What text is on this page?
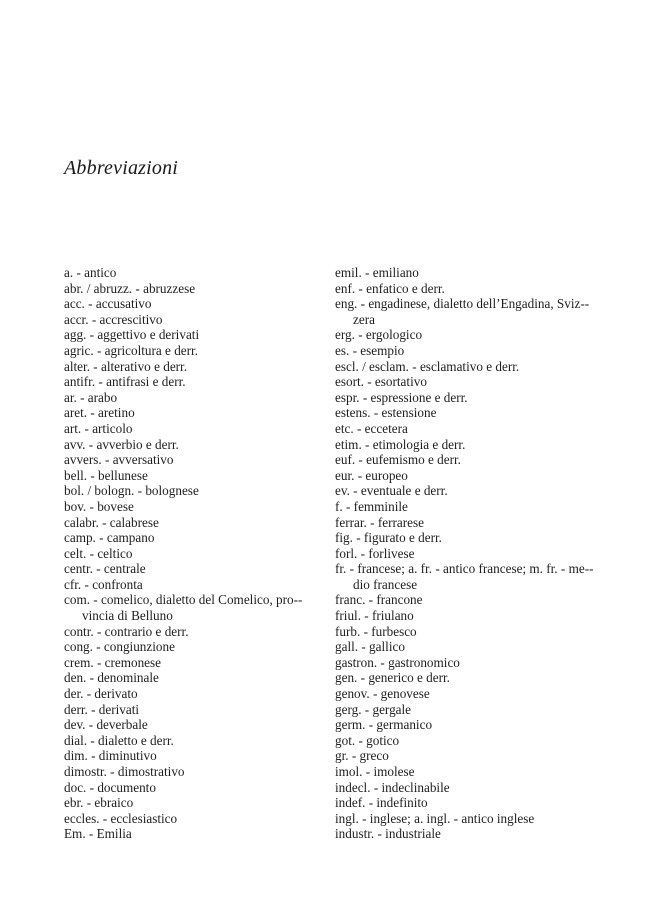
Abbreviazioni
a. - antico
abr. / abruzz. - abruzzese
acc. - accusativo
accr. - accrescitivo
agg. - aggettivo e derivati
agric. - agricoltura e derr.
alter. - alterativo e derr.
antifr. - antifrasi e derr.
ar. - arabo
aret. - aretino
art. - articolo
avv. - avverbio e derr.
avvers. - avversativo
bell. - bellunese
bol. / bologn. - bolognese
bov. - bovese
calabr. - calabrese
camp. - campano
celt. - celtico
centr. - centrale
cfr. - confronta
com. - comelico, dialetto del Comelico, pro-vincia di Belluno
contr. - contrario e derr.
cong. - congiunzione
crem. - cremonese
den. - denominale
der. - derivato
derr. - derivati
dev. - deverbale
dial. - dialetto e derr.
dim. - diminutivo
dimostr. - dimostrativo
doc. - documento
ebr. - ebraico
eccles. - ecclesiastico
Em. - Emilia
emil. - emiliano
enf. - enfatico e derr.
eng. - engadinese, dialetto dell’Engadina, Sviz-zera
erg. - ergologico
es. - esempio
escl. / esclam. - esclamativo e derr.
esort. - esortativo
espr. - espressione e derr.
estens. - estensione
etc. - eccetera
etim. - etimologia e derr.
euf. - eufemismo e derr.
eur. - europeo
ev. - eventuale e derr.
f. - femminile
ferrar. - ferrarese
fig. - figurato e derr.
forl. - forlivese
fr. - francese; a. fr. - antico francese; m. fr. - me-dio francese
franc. - francone
friul. - friulano
furb. - furbesco
gall. - gallico
gastron. - gastronomico
gen. - generico e derr.
genov. - genovese
gerg. - gergale
germ. - germanico
got. - gotico
gr. - greco
imol. - imolese
indecl. - indeclinabile
indef. - indefinito
ingl. - inglese; a. ingl. - antico inglese
industr. - industriale
